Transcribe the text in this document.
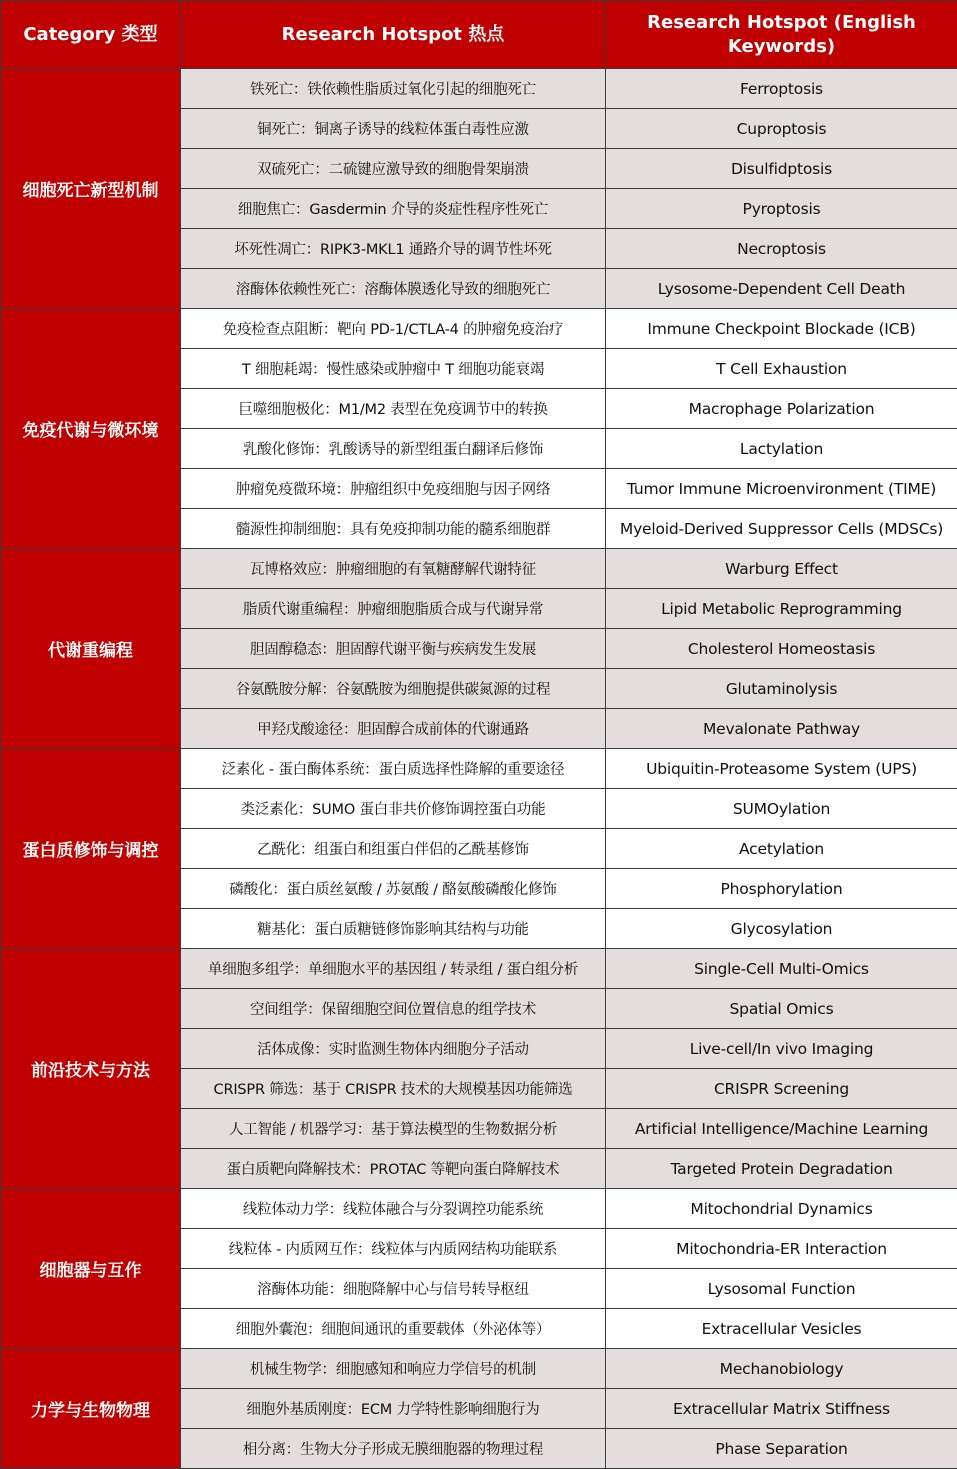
Category 类型	Research Hotspot 热点	Research Hotspot (English Keywords)
细胞死亡新型机制	铁死亡：铁依赖性脂质过氧化引起的细胞死亡	Ferroptosis
	铜死亡：铜离子诱导的线粒体蛋白毒性应激	Cuproptosis
	双硫死亡：二硫键应激导致的细胞骨架崩溃	Disulfidptosis
	细胞焦亡：Gasdermin 介导的炎症性程序性死亡	Pyroptosis
	坏死性凋亡：RIPK3-MKL1 通路介导的调节性坏死	Necroptosis
	溶酶体依赖性死亡：溶酶体膜透化导致的细胞死亡	Lysosome-Dependent Cell Death
免疫代谢与微环境	免疫检查点阻断：靶向 PD-1/CTLA-4 的肿瘤免疫治疗	Immune Checkpoint Blockade (ICB)
	T 细胞耗竭：慢性感染或肿瘤中 T 细胞功能衰竭	T Cell Exhaustion
	巨噬细胞极化：M1/M2 表型在免疫调节中的转换	Macrophage Polarization
	乳酸化修饰：乳酸诱导的新型组蛋白翻译后修饰	Lactylation
	肿瘤免疫微环境：肿瘤组织中免疫细胞与因子网络	Tumor Immune Microenvironment (TIME)
	髓源性抑制细胞：具有免疫抑制功能的髓系细胞群	Myeloid-Derived Suppressor Cells (MDSCs)
代谢重编程	瓦博格效应：肿瘤细胞的有氧糖酵解代谢特征	Warburg Effect
	脂质代谢重编程：肿瘤细胞脂质合成与代谢异常	Lipid Metabolic Reprogramming
	胆固醇稳态：胆固醇代谢平衡与疾病发生发展	Cholesterol Homeostasis
	谷氨酰胺分解：谷氨酰胺为细胞提供碳氮源的过程	Glutaminolysis
	甲羟戊酸途径：胆固醇合成前体的代谢通路	Mevalonate Pathway
蛋白质修饰与调控	泛素化 - 蛋白酶体系统：蛋白质选择性降解的重要途径	Ubiquitin-Proteasome System (UPS)
	类泛素化：SUMO 蛋白非共价修饰调控蛋白功能	SUMOylation
	乙酰化：组蛋白和组蛋白伴侣的乙酰基修饰	Acetylation
	磷酸化：蛋白质丝氨酸 / 苏氨酸 / 酪氨酸磷酸化修饰	Phosphorylation
	糖基化：蛋白质糖链修饰影响其结构与功能	Glycosylation
前沿技术与方法	单细胞多组学：单细胞水平的基因组 / 转录组 / 蛋白组分析	Single-Cell Multi-Omics
	空间组学：保留细胞空间位置信息的组学技术	Spatial Omics
	活体成像：实时监测生物体内细胞分子活动	Live-cell/In vivo Imaging
	CRISPR 筛选：基于 CRISPR 技术的大规模基因功能筛选	CRISPR Screening
	人工智能 / 机器学习：基于算法模型的生物数据分析	Artificial Intelligence/Machine Learning
	蛋白质靶向降解技术：PROTAC 等靶向蛋白降解技术	Targeted Protein Degradation
细胞器与互作	线粒体动力学：线粒体融合与分裂调控功能系统	Mitochondrial Dynamics
	线粒体 - 内质网互作：线粒体与内质网结构功能联系	Mitochondria-ER Interaction
	溶酶体功能：细胞降解中心与信号转导枢纽	Lysosomal Function
	细胞外囊泡：细胞间通讯的重要载体（外泌体等）	Extracellular Vesicles
力学与生物物理	机械生物学：细胞感知和响应力学信号的机制	Mechanobiology
	细胞外基质刚度：ECM 力学特性影响细胞行为	Extracellular Matrix Stiffness
	相分离：生物大分子形成无膜细胞器的物理过程	Phase Separation
